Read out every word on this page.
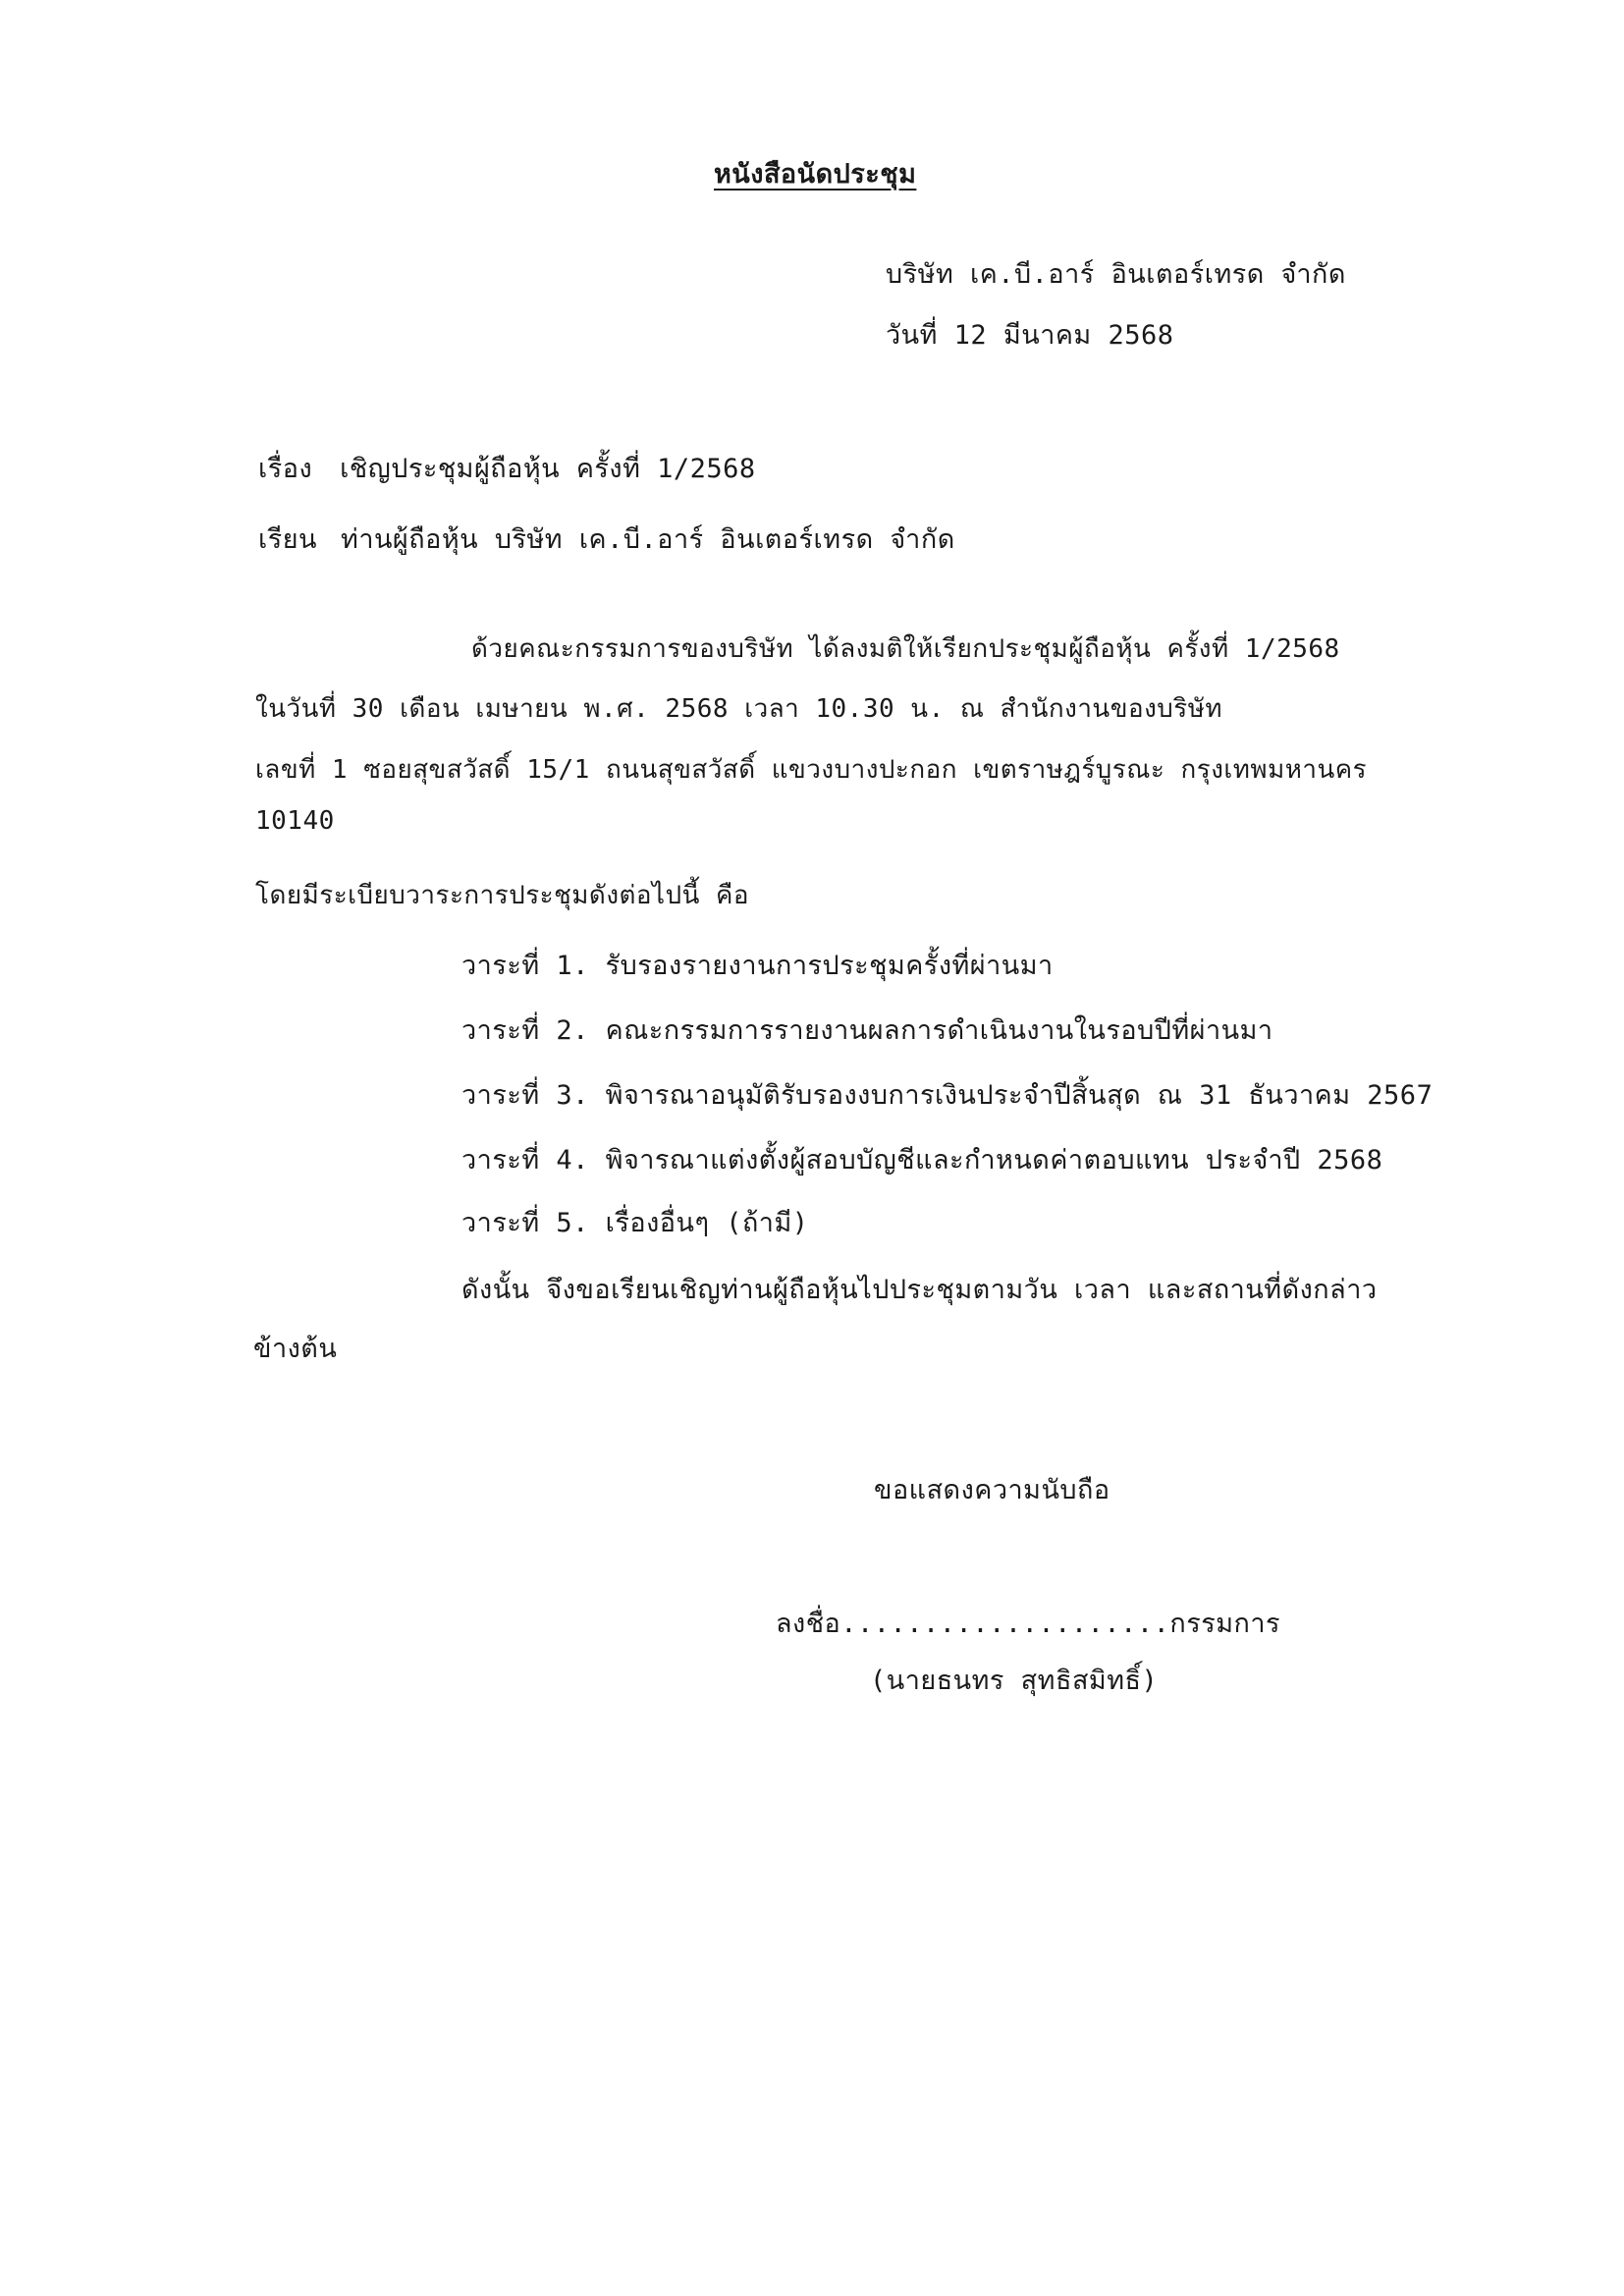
หนังสือนัดประชุม
บริษัท เค.บี.อาร์ อินเตอร์เทรด จำกัด
วันที่ 12 มีนาคม 2568
เรื่อง เชิญประชุมผู้ถือหุ้น ครั้งที่ 1/2568
เรียน ท่านผู้ถือหุ้น บริษัท เค.บี.อาร์ อินเตอร์เทรด จำกัด
ด้วยคณะกรรมการของบริษัท ได้ลงมติให้เรียกประชุมผู้ถือหุ้น ครั้งที่ 1/2568
ในวันที่ 30 เดือน เมษายน พ.ศ. 2568 เวลา 10.30 น. ณ สำนักงานของบริษัท
เลขที่ 1 ซอยสุขสวัสดิ์ 15/1 ถนนสุขสวัสดิ์ แขวงบางปะกอก เขตราษฎร์บูรณะ กรุงเทพมหานคร
10140
โดยมีระเบียบวาระการประชุมดังต่อไปนี้ คือ
วาระที่ 1. รับรองรายงานการประชุมครั้งที่ผ่านมา
วาระที่ 2. คณะกรรมการรายงานผลการดำเนินงานในรอบปีที่ผ่านมา
วาระที่ 3. พิจารณาอนุมัติรับรองงบการเงินประจำปีสิ้นสุด ณ 31 ธันวาคม 2567
วาระที่ 4. พิจารณาแต่งตั้งผู้สอบบัญชีและกำหนดค่าตอบแทน ประจำปี 2568
วาระที่ 5. เรื่องอื่นๆ (ถ้ามี)
ดังนั้น จึงขอเรียนเชิญท่านผู้ถือหุ้นไปประชุมตามวัน เวลา และสถานที่ดังกล่าว
ข้างต้น
ขอแสดงความนับถือ
ลงชื่อ....................กรรมการ
(นายธนทร สุทธิสมิทธิ์)
